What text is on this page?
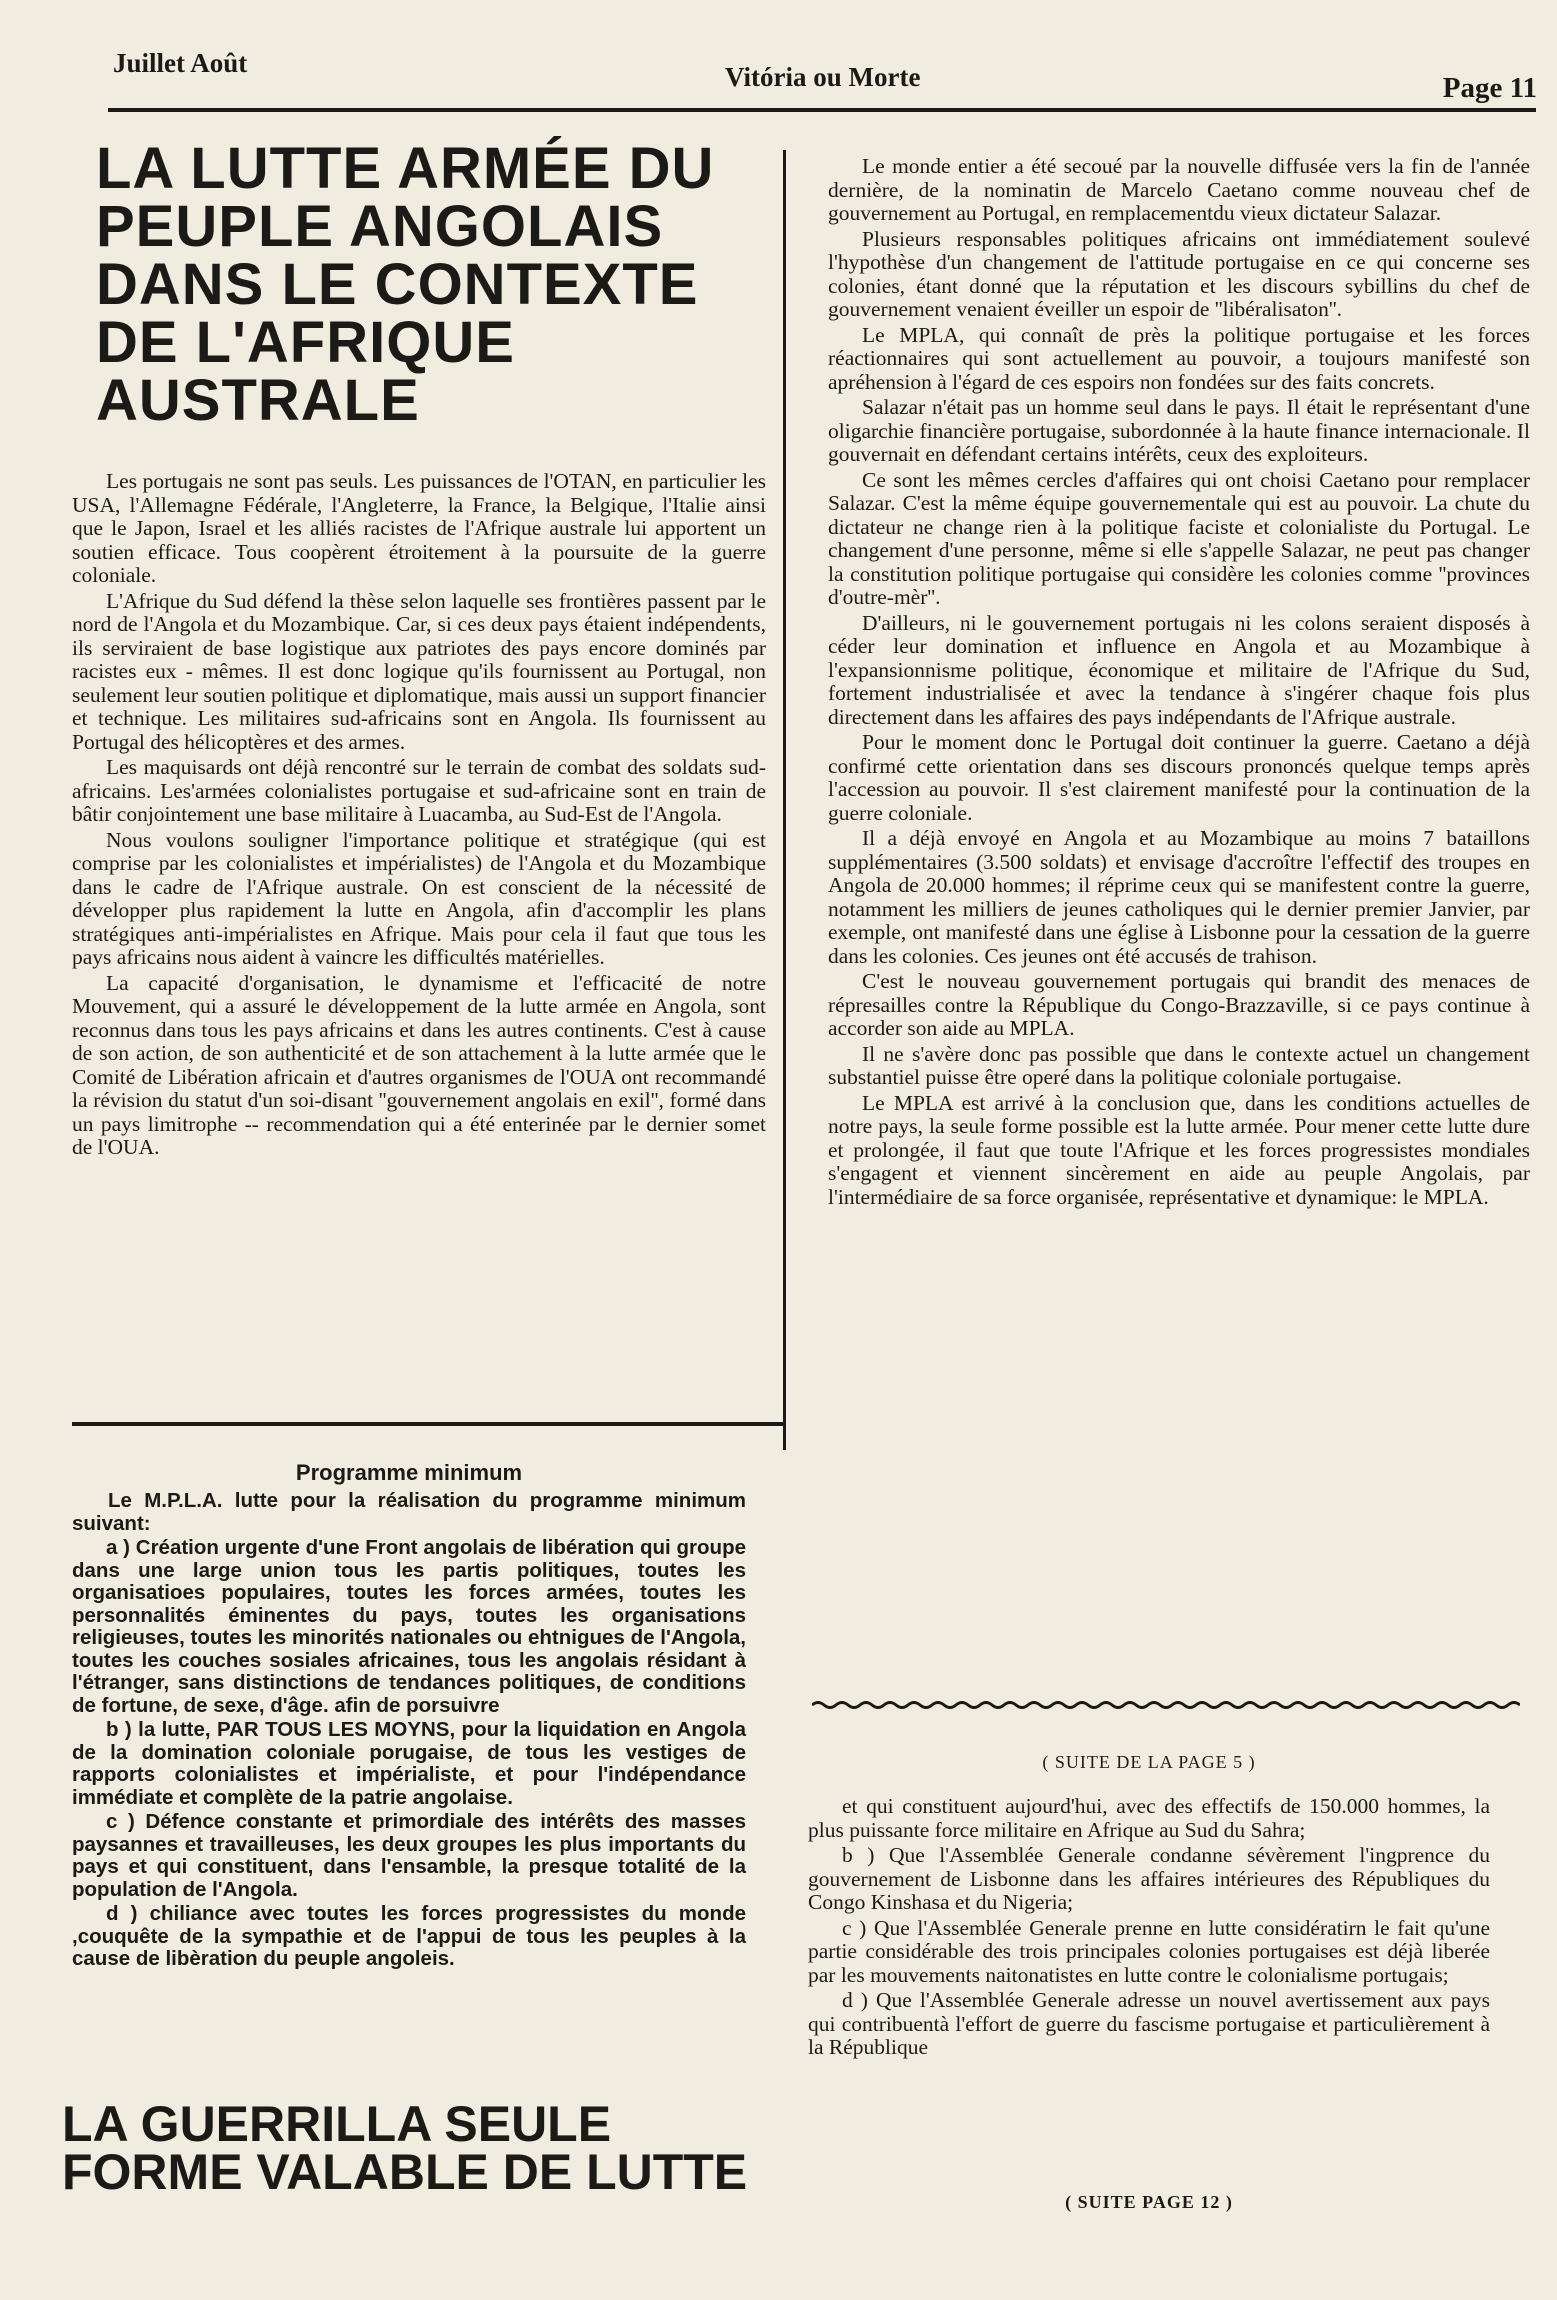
Juillet Août	Vitória ou Morte	Page 11
LA LUTTE ARMÉE DU PEUPLE ANGOLAIS DANS LE CONTEXTE DE L'AFRIQUE AUSTRALE

Les portugais ne sont pas seuls. Les puissances de l'OTAN, en particulier les USA, l'Allemagne Fédérale, l'Angleterre, la France, la Belgique, l'Italie ainsi que le Japon, Israel et les alliés racistes de l'Afrique australe lui apportent un soutien efficace. Tous coopèrent étroitement à la poursuite de la guerre coloniale.

L'Afrique du Sud défend la thèse selon laquelle ses frontières passent par le nord de l'Angola et du Mozambique. Car, si ces deux pays étaient indépendents, ils serviraient de base logistique aux patriotes des pays encore dominés par racistes eux - mêmes. Il est donc logique qu'ils fournissent au Portugal, non seulement leur soutien politique et diplomatique, mais aussi un support financier et technique. Les militaires sud-africains sont en Angola. Ils fournissent au Portugal des hélicoptères et des armes.

Les maquisards ont déjà rencontré sur le terrain de combat des soldats sud-africains. Les'armées colonialistes portugaise et sud-africaine sont en train de bâtir conjointement une base militaire à Luacamba, au Sud-Est de l'Angola.

Nous voulons souligner l'importance politique et stratégique (qui est comprise par les colonialistes et impérialistes) de l'Angola et du Mozambique dans le cadre de l'Afrique australe. On est conscient de la nécessité de développer plus rapidement la lutte en Angola, afin d'accomplir les plans stratégiques anti-impérialistes en Afrique. Mais pour cela il faut que tous les pays africains nous aident à vaincre les difficultés matérielles.

La capacité d'organisation, le dynamisme et l'efficacité de notre Mouvement, qui a assuré le développement de la lutte armée en Angola, sont reconnus dans tous les pays africains et dans les autres continents. C'est à cause de son action, de son authenticité et de son attachement à la lutte armée que le Comité de Libération africain et d'autres organismes de l'OUA ont recommandé la révision du statut d'un soi-disant ''gouvernement angolais en exil'', formé dans un pays limitrophe -- recommendation qui a été enterinée par le dernier somet de l'OUA.

Programme minimum

Le M.P.L.A. lutte pour la réalisation du programme minimum suivant:

a ) Création urgente d'une Front angolais de libération qui groupe dans une large union tous les partis politiques, toutes les organisatioes populaires, toutes les forces armées, toutes les personnalités éminentes du pays, toutes les organisations religieuses, toutes les minorités nationales ou ehtnigues de l'Angola, toutes les couches sosiales africaines, tous les angolais résidant à l'étranger, sans distinctions de tendances politiques, de conditions de fortune, de sexe, d'âge. afin de porsuivre

b ) la lutte, PAR TOUS LES MOYNS, pour la liquidation en Angola de la domination coloniale porugaise, de tous les vestiges de rapports colonialistes et impérialiste, et pour l'indépendance immédiate et complète de la patrie angolaise.

c ) Défence constante et primordiale des intérêts des masses paysannes et travailleuses, les deux groupes les plus importants du pays et qui constituent, dans l'ensamble, la presque totalité de la population de l'Angola.

d ) chiliance avec toutes les forces progressistes du monde ,couquête de la sympathie et de l'appui de tous les peuples à la cause de libèration du peuple angoleis.

LA GUERRILLA SEULE FORME VALABLE DE LUTTE

Le monde entier a été secoué par la nouvelle diffusée vers la fin de l'année dernière, de la nominatin de Marcelo Caetano comme nouveau chef de gouvernement au Portugal, en remplacementdu vieux dictateur Salazar.

Plusieurs responsables politiques africains ont immédiatement soulevé l'hypothèse d'un changement de l'attitude portugaise en ce qui concerne ses colonies, étant donné que la réputation et les discours sybillins du chef de gouvernement venaient éveiller un espoir de ''libéralisaton''.

Le MPLA, qui connaît de près la politique portugaise et les forces réactionnaires qui sont actuellement au pouvoir, a toujours manifesté son apréhension à l'égard de ces espoirs non fondées sur des faits concrets.

Salazar n'était pas un homme seul dans le pays. Il était le représentant d'une oligarchie financière portugaise, subordonnée à la haute finance internacionale. Il gouvernait en défendant certains intérêts, ceux des exploiteurs.

Ce sont les mêmes cercles d'affaires qui ont choisi Caetano pour remplacer Salazar. C'est la même équipe gouvernementale qui est au pouvoir. La chute du dictateur ne change rien à la politique faciste et colonialiste du Portugal. Le changement d'une personne, même si elle s'appelle Salazar, ne peut pas changer la constitution politique portugaise qui considère les colonies comme ''provinces d'outre-mèr''.

D'ailleurs, ni le gouvernement portugais ni les colons seraient disposés à céder leur domination et influence en Angola et au Mozambique à l'expansionnisme politique, économique et militaire de l'Afrique du Sud, fortement industrialisée et avec la tendance à s'ingérer chaque fois plus directement dans les affaires des pays indépendants de l'Afrique australe.

Pour le moment donc le Portugal doit continuer la guerre. Caetano a déjà confirmé cette orientation dans ses discours prononcés quelque temps après l'accession au pouvoir. Il s'est clairement manifesté pour la continuation de la guerre coloniale.

Il a déjà envoyé en Angola et au Mozambique au moins 7 bataillons supplémentaires (3.500 soldats) et envisage d'accroître l'effectif des troupes en Angola de 20.000 hommes; il réprime ceux qui se manifestent contre la guerre, notamment les milliers de jeunes catholiques qui le dernier premier Janvier, par exemple, ont manifesté dans une église à Lisbonne pour la cessation de la guerre dans les colonies. Ces jeunes ont été accusés de trahison.

C'est le nouveau gouvernement portugais qui brandit des menaces de répresailles contre la République du Congo-Brazzaville, si ce pays continue à accorder son aide au MPLA.

Il ne s'avère donc pas possible que dans le contexte actuel un changement substantiel puisse être operé dans la politique coloniale portugaise.

Le MPLA est arrivé à la conclusion que, dans les conditions actuelles de notre pays, la seule forme possible est la lutte armée. Pour mener cette lutte dure et prolongée, il faut que toute l'Afrique et les forces progressistes mondiales s'engagent et viennent sincèrement en aide au peuple Angolais, par l'intermédiaire de sa force organisée, représentative et dynamique: le MPLA.

( SUITE DE LA PAGE 5 )

et qui constituent aujourd'hui, avec des effectifs de 150.000 hommes, la plus puissante force militaire en Afrique au Sud du Sahra;

b ) Que l'Assemblée Generale condanne sévèrement l'ingprence du gouvernement de Lisbonne dans les affaires intérieures des Républiques du Congo Kinshasa et du Nigeria;

c ) Que l'Assemblée Generale prenne en lutte considératirn le fait qu'une partie considérable des trois principales colonies portugaises est déjà liberée par les mouvements naitonatistes en lutte contre le colonialisme portugais;

d ) Que l'Assemblée Generale adresse un nouvel avertissement aux pays qui contribuentà l'effort de guerre du fascisme portugaise et particulièrement à la République

( SUITE PAGE 12 )
